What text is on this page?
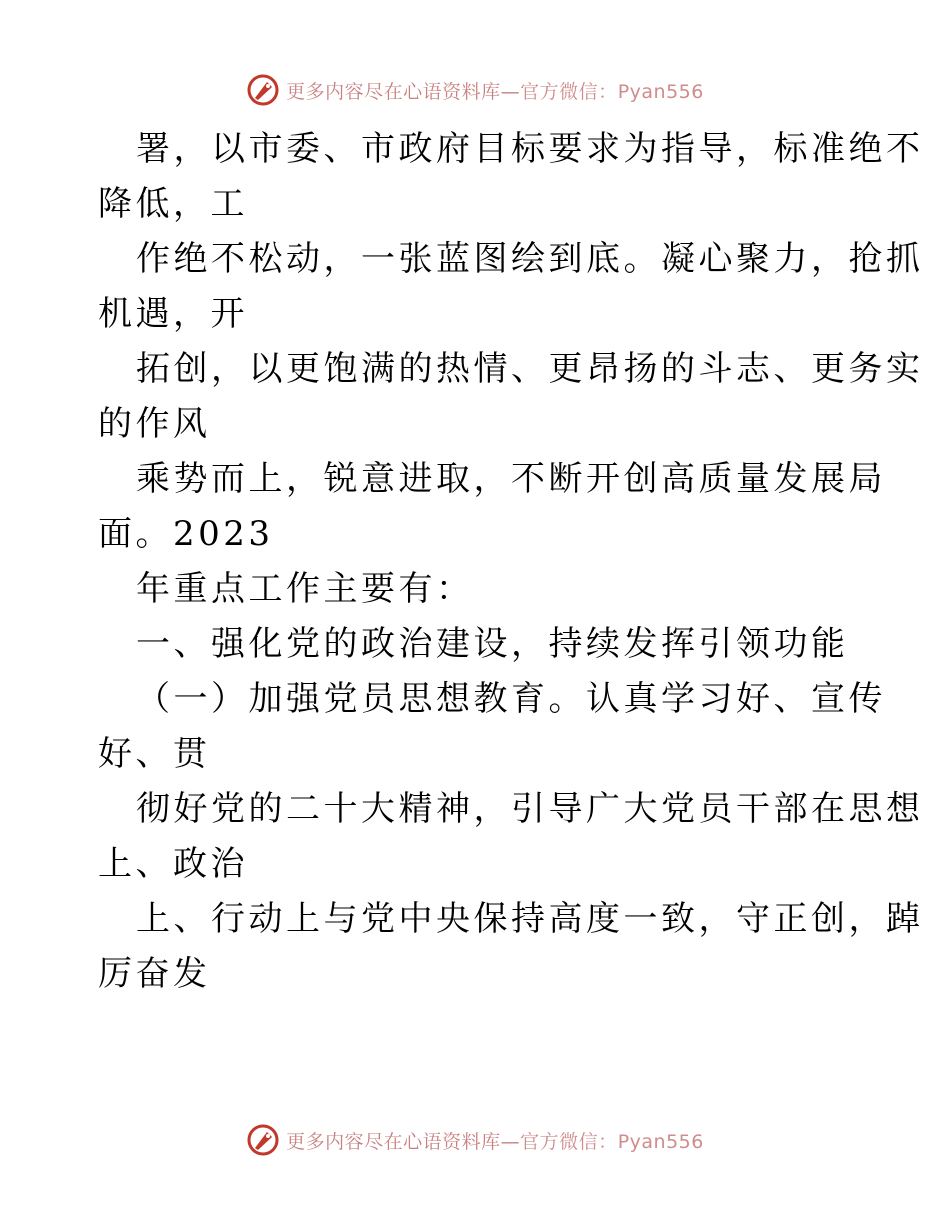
更多内容尽在心语资料库—官方微信：Pyan556
署，以市委、市政府目标要求为指导，标准绝不
降低，工
作绝不松动，一张蓝图绘到底。凝心聚力，抢抓
机遇，开
拓创，以更饱满的热情、更昂扬的斗志、更务实
的作风
乘势而上，锐意进取，不断开创高质量发展局
面。2023
年重点工作主要有：
一、强化党的政治建设，持续发挥引领功能
（一）加强党员思想教育。认真学习好、宣传
好、贯
彻好党的二十大精神，引导广大党员干部在思想
上、政治
上、行动上与党中央保持高度一致，守正创，踔
厉奋发
更多内容尽在心语资料库—官方微信：Pyan556
